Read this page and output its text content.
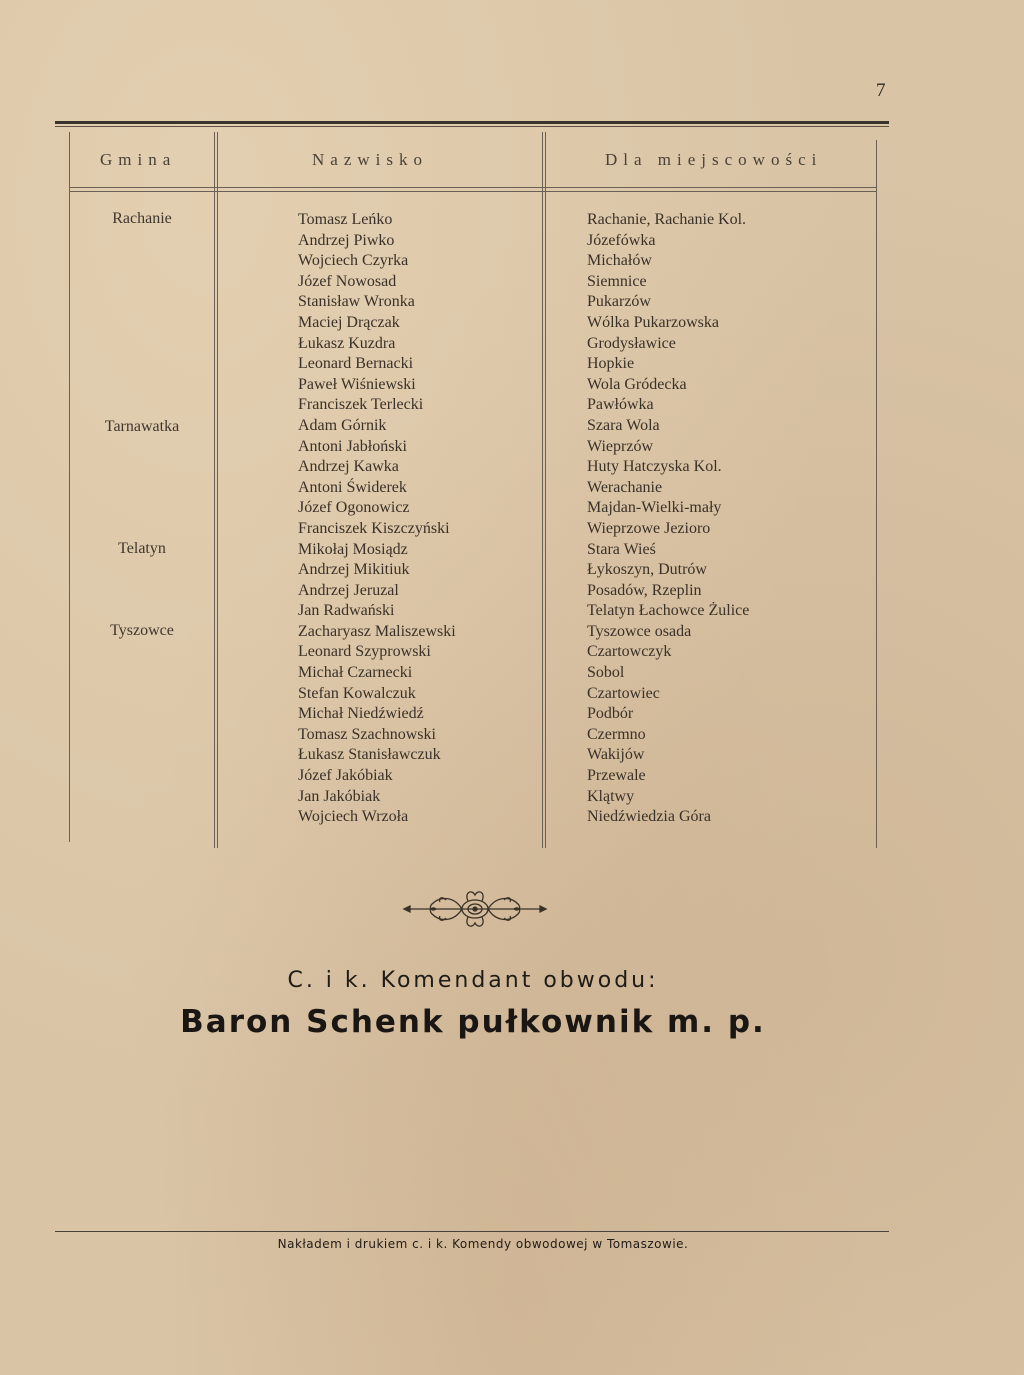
7
Gmina	Nazwisko	Dla miejscowości
Rachanie
Tarnawatka
Telatyn
Tyszowce
Tomasz Leńko
Andrzej Piwko
Wojciech Czyrka
Józef Nowosad
Stanisław Wronka
Maciej Drączak
Łukasz Kuzdra
Leonard Bernacki
Paweł Wiśniewski
Franciszek Terlecki
Adam Górnik
Antoni Jabłoński
Andrzej Kawka
Antoni Świderek
Józef Ogonowicz
Franciszek Kiszczyński
Mikołaj Mosiądz
Andrzej Mikitiuk
Andrzej Jeruzal
Jan Radwański
Zacharyasz Maliszewski
Leonard Szyprowski
Michał Czarnecki
Stefan Kowalczuk
Michał Niedźwiedź
Tomasz Szachnowski
Łukasz Stanisławczuk
Józef Jakóbiak
Jan Jakóbiak
Wojciech Wrzoła
Rachanie, Rachanie Kol.
Józefówka
Michałów
Siemnice
Pukarzów
Wólka Pukarzowska
Grodysławice
Hopkie
Wola Gródecka
Pawłówka
Szara Wola
Wieprzów
Huty Hatczyska Kol.
Werachanie
Majdan-Wielki-mały
Wieprzowe Jezioro
Stara Wieś
Łykoszyn, Dutrów
Posadów, Rzeplin
Telatyn Łachowce Żulice
Tyszowce osada
Czartowczyk
Sobol
Czartowiec
Podbór
Czermno
Wakijów
Przewale
Klątwy
Niedźwiedzia Góra
C. i k. Komendant obwodu:
Baron Schenk pułkownik m. p.
Nakładem i drukiem c. i k. Komendy obwodowej w Tomaszowie.
